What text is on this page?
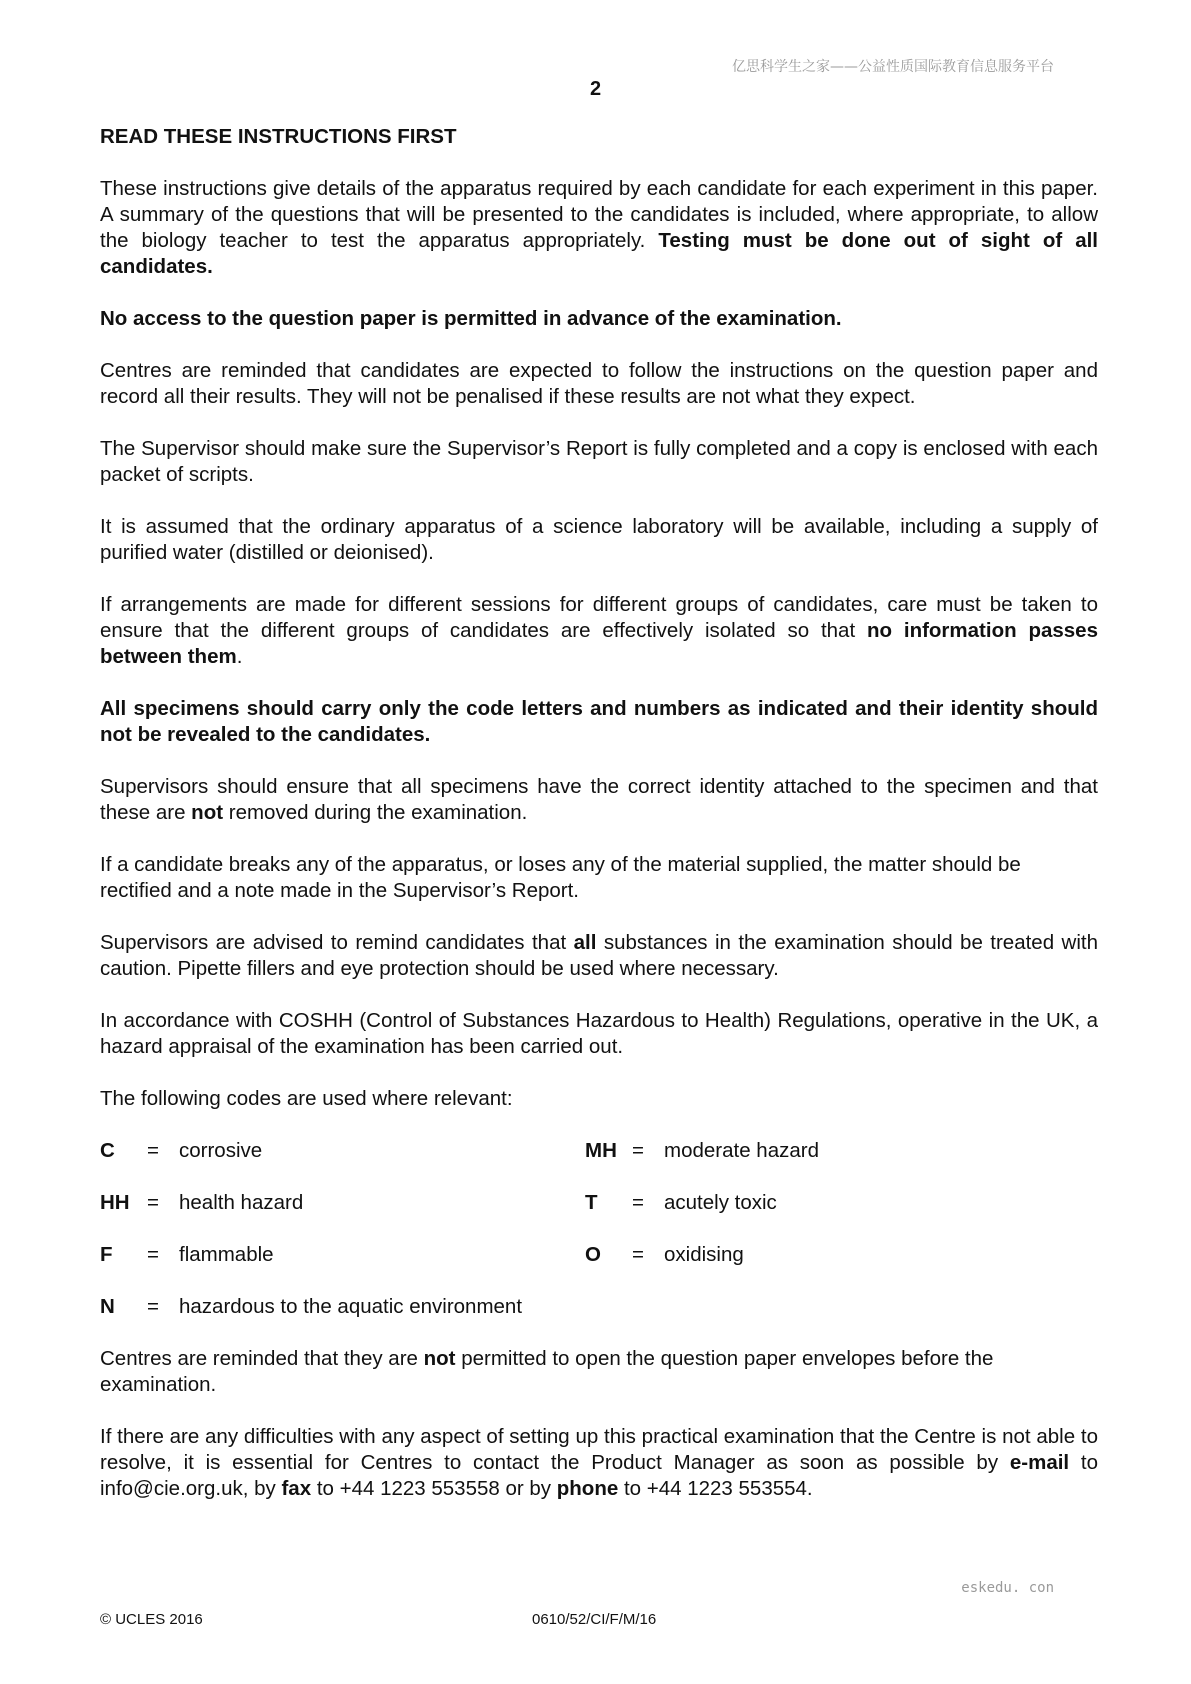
亿思科学生之家——公益性质国际教育信息服务平台
2
READ THESE INSTRUCTIONS FIRST

These instructions give details of the apparatus required by each candidate for each experiment in this paper. A summary of the questions that will be presented to the candidates is included, where appropriate, to allow the biology teacher to test the apparatus appropriately. Testing must be done out of sight of all candidates.

No access to the question paper is permitted in advance of the examination.

Centres are reminded that candidates are expected to follow the instructions on the question paper and record all their results. They will not be penalised if these results are not what they expect.

The Supervisor should make sure the Supervisor’s Report is fully completed and a copy is enclosed with each packet of scripts.

It is assumed that the ordinary apparatus of a science laboratory will be available, including a supply of purified water (distilled or deionised).

If arrangements are made for different sessions for different groups of candidates, care must be taken to ensure that the different groups of candidates are effectively isolated so that no information passes between them.

All specimens should carry only the code letters and numbers as indicated and their identity should not be revealed to the candidates.

Supervisors should ensure that all specimens have the correct identity attached to the specimen and that these are not removed during the examination.

If a candidate breaks any of the apparatus, or loses any of the material supplied, the matter should be rectified and a note made in the Supervisor’s Report.

Supervisors are advised to remind candidates that all substances in the examination should be treated with caution. Pipette fillers and eye protection should be used where necessary.

In accordance with COSHH (Control of Substances Hazardous to Health) Regulations, operative in the UK, a hazard appraisal of the examination has been carried out.

The following codes are used where relevant:

C = corrosive	MH = moderate hazard
HH = health hazard	T = acutely toxic
F = flammable	O = oxidising
N = hazardous to the aquatic environment

Centres are reminded that they are not permitted to open the question paper envelopes before the examination.

If there are any difficulties with any aspect of setting up this practical examination that the Centre is not able to resolve, it is essential for Centres to contact the Product Manager as soon as possible by e-mail to info@cie.org.uk, by fax to +44 1223 553558 or by phone to +44 1223 553554.

eskedu. con
© UCLES 2016	0610/52/CI/F/M/16
